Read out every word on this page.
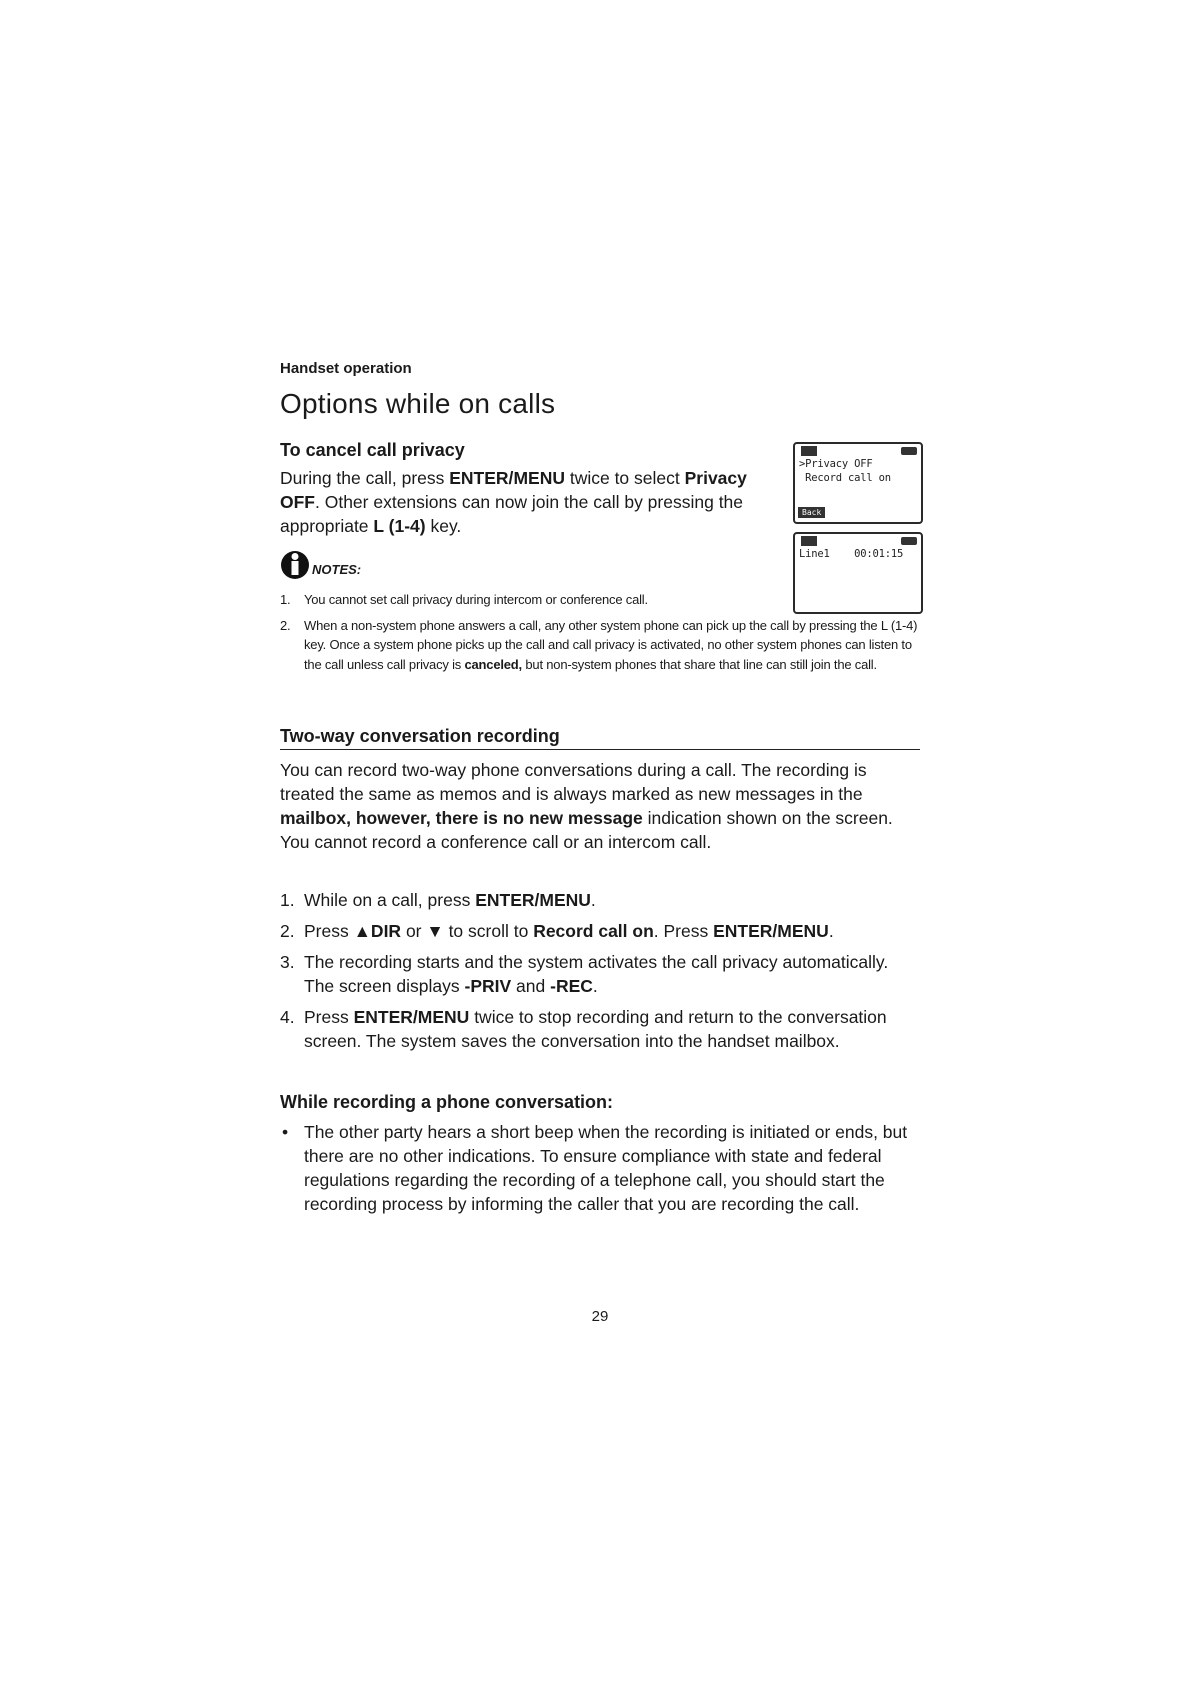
Handset operation
Options while on calls
To cancel call privacy
During the call, press ENTER/MENU twice to select Privacy OFF. Other extensions can now join the call by pressing the appropriate L (1-4) key.
>Privacy OFF
Record call on
Back
Line1    00:01:15
NOTES:
1. You cannot set call privacy during intercom or conference call.
2. When a non-system phone answers a call, any other system phone can pick up the call by pressing the L (1-4) key. Once a system phone picks up the call and call privacy is activated, no other system phones can listen to the call unless call privacy is canceled, but non-system phones that share that line can still join the call.
Two-way conversation recording
You can record two-way phone conversations during a call. The recording is treated the same as memos and is always marked as new messages in the mailbox, however, there is no new message indication shown on the screen. You cannot record a conference call or an intercom call.
1. While on a call, press ENTER/MENU.
2. Press ▲DIR or ▼ to scroll to Record call on. Press ENTER/MENU.
3. The recording starts and the system activates the call privacy automatically. The screen displays -PRIV and -REC.
4. Press ENTER/MENU twice to stop recording and return to the conversation screen. The system saves the conversation into the handset mailbox.
While recording a phone conversation:
• The other party hears a short beep when the recording is initiated or ends, but there are no other indications. To ensure compliance with state and federal regulations regarding the recording of a telephone call, you should start the recording process by informing the caller that you are recording the call.
29
